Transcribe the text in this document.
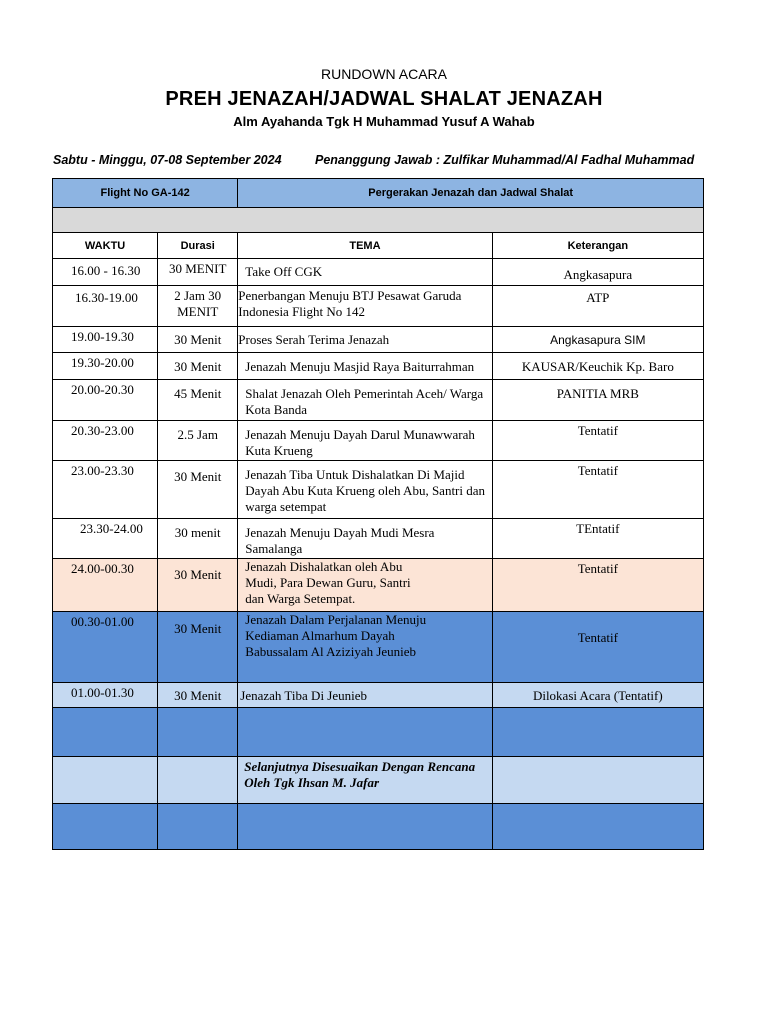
RUNDOWN ACARA
PREH JENAZAH/JADWAL SHALAT JENAZAH
Alm Ayahanda Tgk H Muhammad Yusuf A Wahab
Sabtu - Minggu, 07-08 September 2024	Penanggung Jawab : Zulfikar Muhammad/Al Fadhal Muhammad
Flight No GA-142		Pergerakan Jenazah dan Jadwal Shalat	

WAKTU	Durasi	TEMA	Keterangan
16.00 - 16.30	30 MENIT	Take Off CGK	Angkasapura
16.30-19.00	2 Jam 30 MENIT	Penerbangan Menuju BTJ Pesawat Garuda Indonesia Flight No 142	ATP
19.00-19.30	30 Menit	Proses Serah Terima Jenazah	Angkasapura SIM
19.30-20.00	30 Menit	Jenazah Menuju Masjid Raya Baiturrahman	KAUSAR/Keuchik Kp. Baro
20.00-20.30	45 Menit	Shalat Jenazah Oleh Pemerintah Aceh/ Warga Kota Banda	PANITIA MRB
20.30-23.00	2.5 Jam	Jenazah Menuju Dayah Darul Munawwarah Kuta Krueng	Tentatif
23.00-23.30	30 Menit	Jenazah Tiba Untuk Dishalatkan Di Majid Dayah Abu Kuta Krueng oleh Abu, Santri dan warga setempat	Tentatif
23.30-24.00	30 menit	Jenazah Menuju Dayah Mudi Mesra Samalanga	TEntatif
24.00-00.30	30 Menit	Jenazah Dishalatkan oleh Abu Mudi, Para Dewan Guru, Santri dan Warga Setempat.	Tentatif
00.30-01.00	30 Menit	Jenazah Dalam Perjalanan Menuju Kediaman Almarhum Dayah Babussalam Al Aziziyah Jeunieb	Tentatif
01.00-01.30	30 Menit	Jenazah Tiba Di Jeunieb	Dilokasi Acara (Tentatif)

		Selanjutnya Disesuaikan Dengan Rencana Oleh Tgk Ihsan M. Jafar	
